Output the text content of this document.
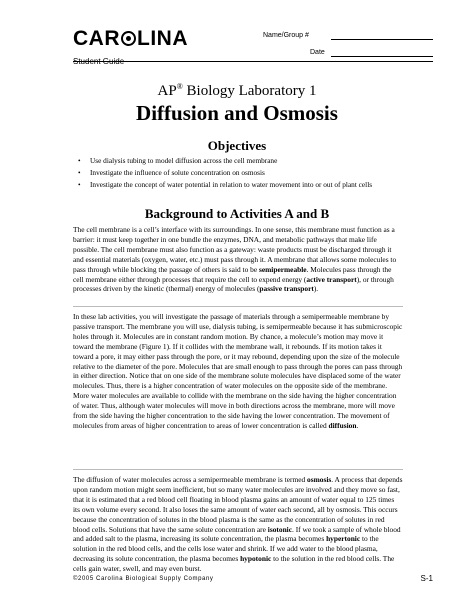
CAR LINA
Student Guide
Name/Group #
Date
AP® Biology Laboratory 1
Diffusion and Osmosis
Objectives
• Use dialysis tubing to model diffusion across the cell membrane
• Investigate the influence of solute concentration on osmosis
• Investigate the concept of water potential in relation to water movement into or out of plant cells
Background to Activities A and B

The cell membrane is a cell’s interface with its surroundings. In one sense, this membrane must function as a barrier: it must keep together in one bundle the enzymes, DNA, and metabolic pathways that make life possible. The cell membrane must also function as a gateway: waste products must be discharged through it and essential materials (oxygen, water, etc.) must pass through it. A membrane that allows some molecules to pass through while blocking the passage of others is said to be semipermeable. Molecules pass through the cell membrane either through processes that require the cell to expend energy (active transport), or through processes driven by the kinetic (thermal) energy of molecules (passive transport).

In these lab activities, you will investigate the passage of materials through a semipermeable membrane by passive transport. The membrane you will use, dialysis tubing, is semipermeable because it has submicroscopic holes through it. Molecules are in constant random motion. By chance, a molecule’s motion may move it toward the membrane (Figure 1). If it collides with the membrane wall, it rebounds. If its motion takes it toward a pore, it may either pass through the pore, or it may rebound, depending upon the size of the molecule relative to the diameter of the pore. Molecules that are small enough to pass through the pores can pass through in either direction. Notice that on one side of the membrane solute molecules have displaced some of the water molecules. Thus, there is a higher concentration of water molecules on the opposite side of the membrane. More water molecules are available to collide with the membrane on the side having the higher concentration of water. Thus, although water molecules will move in both directions across the membrane, more will move from the side having the higher concentration to the side having the lower concentration. The movement of molecules from areas of higher concentration to areas of lower concentration is called diffusion.

The diffusion of water molecules across a semipermeable membrane is termed osmosis. A process that depends upon random motion might seem inefficient, but so many water molecules are involved and they move so fast, that it is estimated that a red blood cell floating in blood plasma gains an amount of water equal to 125 times its own volume every second. It also loses the same amount of water each second, all by osmosis. This occurs because the concentration of solutes in the blood plasma is the same as the concentration of solutes in red blood cells. Solutions that have the same solute concentration are isotonic. If we took a sample of whole blood and added salt to the plasma, increasing its solute concentration, the plasma becomes hypertonic to the solution in the red blood cells, and the cells lose water and shrink. If we add water to the blood plasma, decreasing its solute concentration, the plasma becomes hypotonic to the solution in the red blood cells. The cells gain water, swell, and may even burst.

©2005 Carolina Biological Supply Company	S-1
